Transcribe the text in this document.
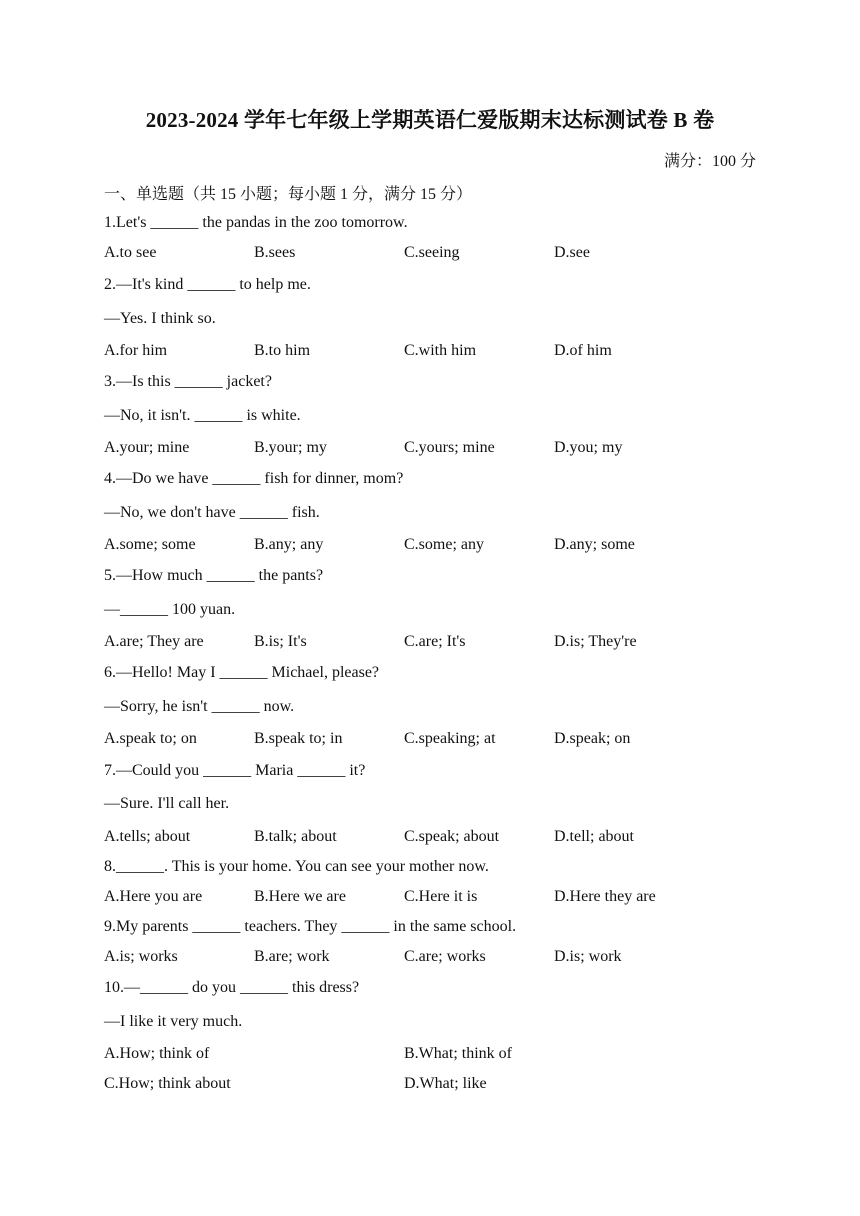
2023-2024 学年七年级上学期英语仁爱版期末达标测试卷 B 卷
满分：100 分
一、单选题（共 15 小题；每小题 1 分，满分 15 分）
1.Let's ______ the pandas in the zoo tomorrow.
A.to see	B.sees	C.seeing	D.see
2.—It's kind ______ to help me.
—Yes. I think so.
A.for him	B.to him	C.with him	D.of him
3.—Is this ______ jacket?
—No, it isn't. ______ is white.
A.your; mine	B.your; my	C.yours; mine	D.you; my
4.—Do we have ______ fish for dinner, mom?
—No, we don't have ______ fish.
A.some; some	B.any; any	C.some; any	D.any; some
5.—How much ______ the pants?
—______ 100 yuan.
A.are; They are	B.is; It's	C.are; It's	D.is; They're
6.—Hello! May I ______ Michael, please?
—Sorry, he isn't ______ now.
A.speak to; on	B.speak to; in	C.speaking; at	D.speak; on
7.—Could you ______ Maria ______ it?
—Sure. I'll call her.
A.tells; about	B.talk; about	C.speak; about	D.tell; about
8.______. This is your home. You can see your mother now.
A.Here you are	B.Here we are	C.Here it is	D.Here they are
9.My parents ______ teachers. They ______ in the same school.
A.is; works	B.are; work	C.are; works	D.is; work
10.—______ do you ______ this dress?
—I like it very much.
A.How; think of	B.What; think of
C.How; think about	D.What; like
